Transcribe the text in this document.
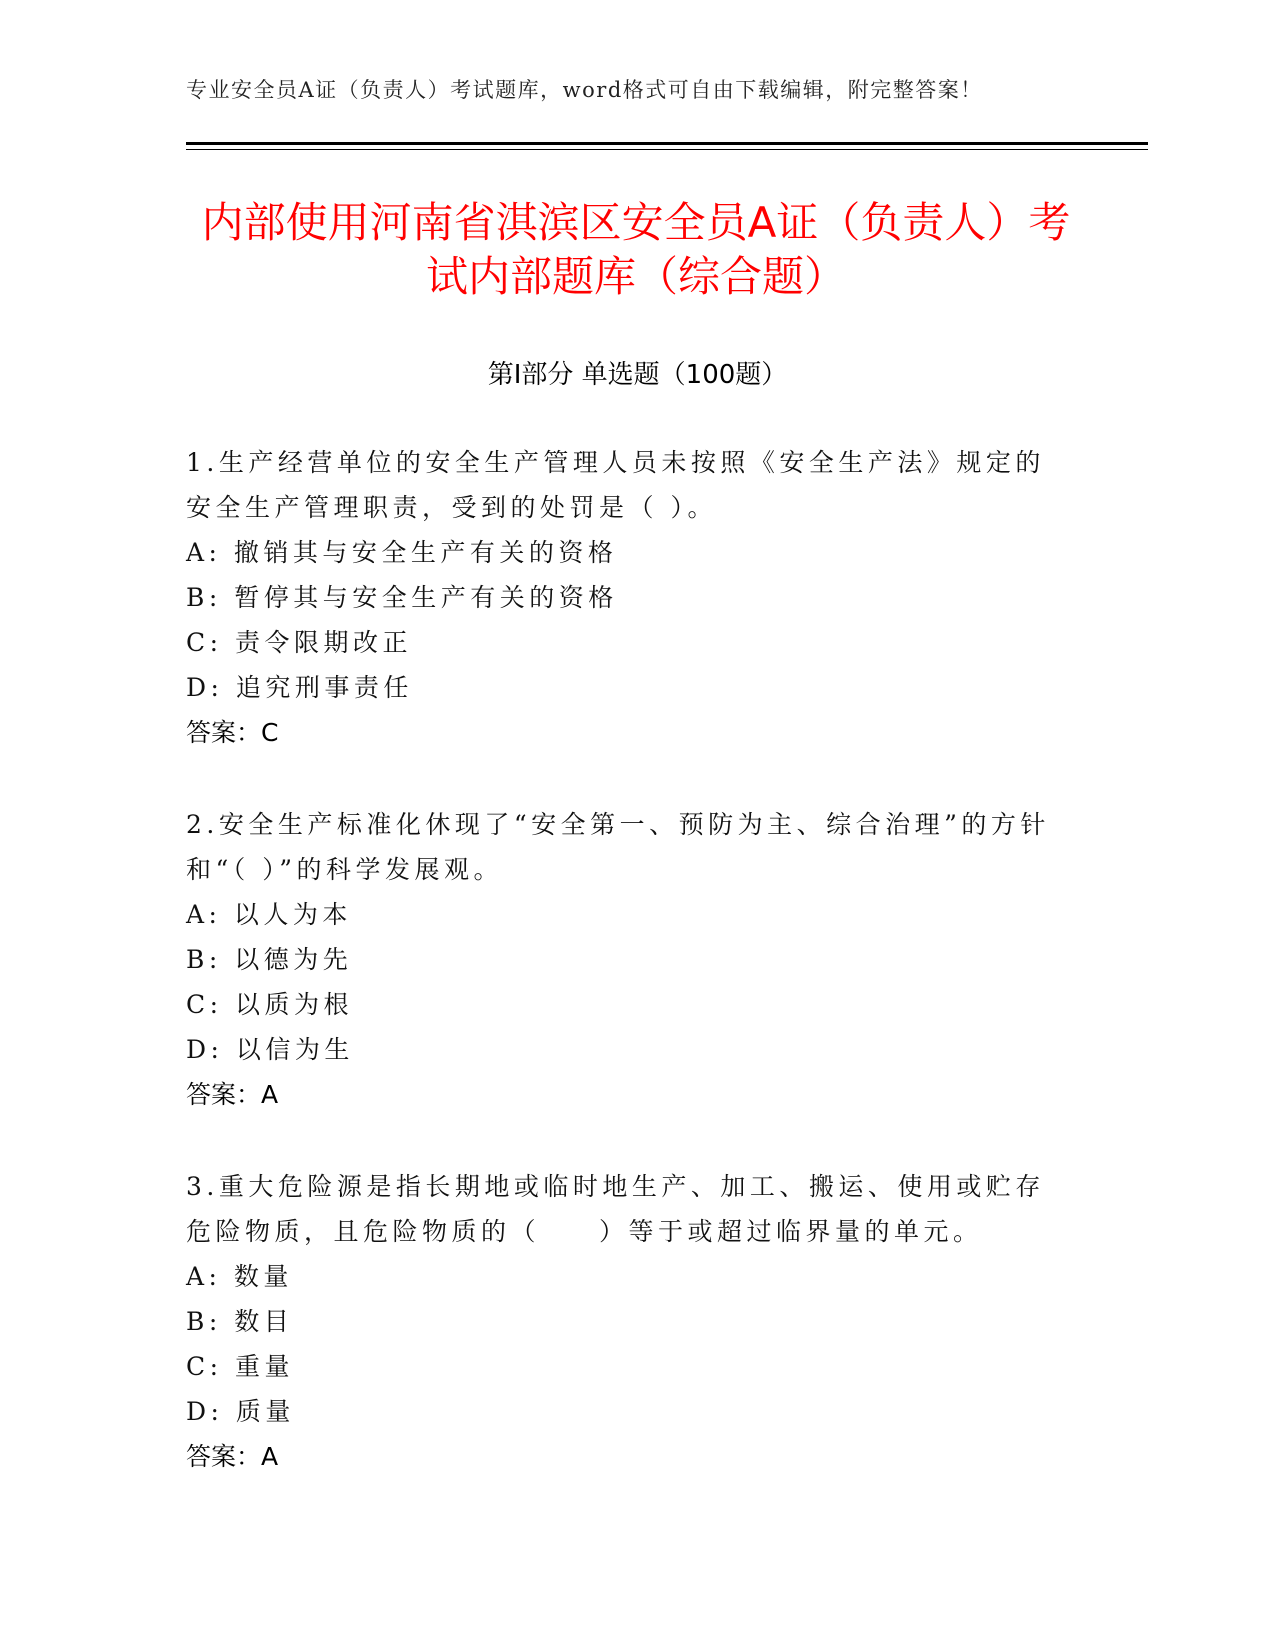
专业安全员A证（负责人）考试题库，word格式可自由下载编辑，附完整答案！
内部使用河南省淇滨区安全员A证（负责人）考试内部题库（综合题）
第I部分 单选题（100题）

1.生产经营单位的安全生产管理人员未按照《安全生产法》规定的安全生产管理职责，受到的处罚是（ ）。

A: 撤销其与安全生产有关的资格

B: 暂停其与安全生产有关的资格

C: 责令限期改正

D: 追究刑事责任

答案：C

2.安全生产标准化休现了“安全第一、预防为主、综合治理”的方针和“（ ）”的科学发展观。

A: 以人为本

B: 以德为先

C: 以质为根

D: 以信为生

答案：A

3.重大危险源是指长期地或临时地生产、加工、搬运、使用或贮存危险物质，且危险物质的（　　）等于或超过临界量的单元。

A: 数量

B: 数目

C: 重量

D: 质量

答案：A
